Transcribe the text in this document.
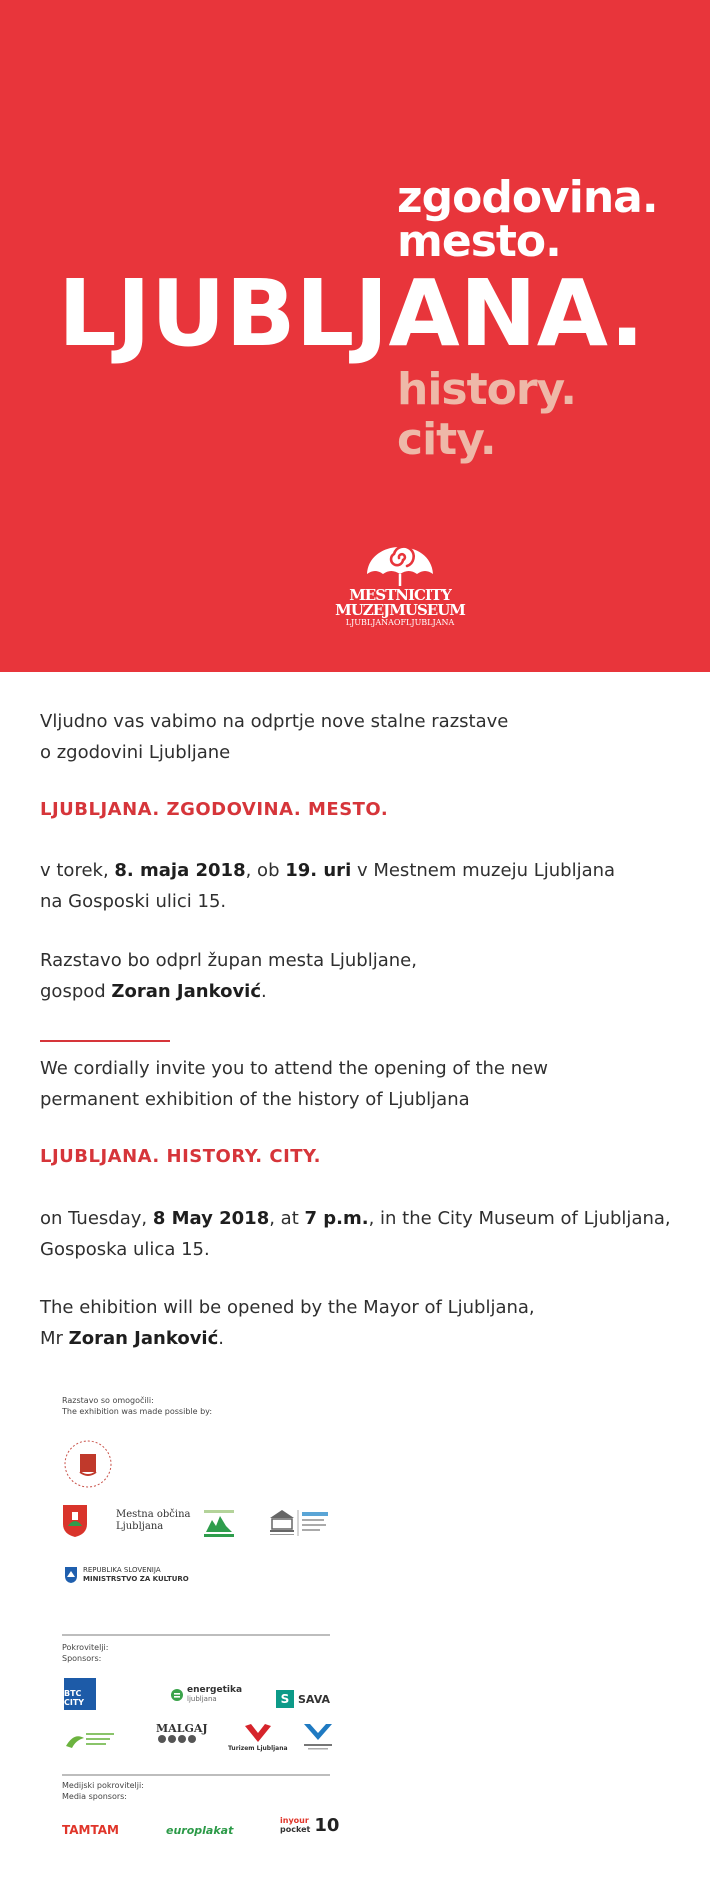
zgodovina.
mesto.
LJUBLJANA.
history.
city.
MESTNICITY
MUZEJMUSEUM
LJUBLJANAOFLJUBLJANA
Vljudno vas vabimo na odprtje nove stalne razstave
o zgodovini Ljubljane
LJUBLJANA. ZGODOVINA. MESTO.
v torek, 8. maja 2018, ob 19. uri v Mestnem muzeju Ljubljana
na Gosposki ulici 15.
Razstavo bo odprl župan mesta Ljubljane,
gospod Zoran Janković.
We cordially invite you to attend the opening of the new
permanent exhibition of the history of Ljubljana
LJUBLJANA. HISTORY. CITY.
on Tuesday, 8 May 2018, at 7 p.m., in the City Museum of Ljubljana,
Gosposka ulica 15.
The ehibition will be opened by the Mayor of Ljubljana,
Mr Zoran Janković.
Razstavo so omogočili:
The exhibition was made possible by:
Mestna občina
Ljubljana
REPUBLIKA SLOVENIJA
MINISTRSTVO ZA KULTURO
Pokrovitelji:
Sponsors:
BTC CITY
energetika
ljubljana	S SAVA
MALGAJ
Turizem Ljubljana
Medijski pokrovitelji:
Media sponsors:
TAMTAM	europlakat
inyour
pocket 10
